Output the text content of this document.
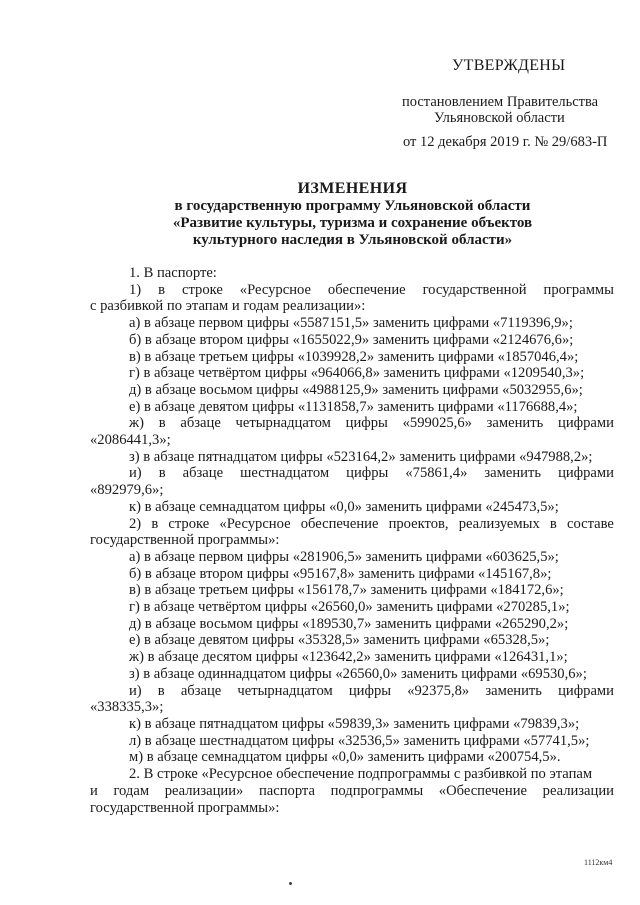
УТВЕРЖДЕНЫ
постановлением Правительства
Ульяновской области
от 12 декабря 2019 г. № 29/683-П
ИЗМЕНЕНИЯ
в государственную программу Ульяновской области
«Развитие культуры, туризма и сохранение объектов
культурного наследия в Ульяновской области»
1. В паспорте:
1) в строке «Ресурсное обеспечение государственной программы
с разбивкой по этапам и годам реализации»:
а) в абзаце первом цифры «5587151,5» заменить цифрами «7119396,9»;
б) в абзаце втором цифры «1655022,9» заменить цифрами «2124676,6»;
в) в абзаце третьем цифры «1039928,2» заменить цифрами «1857046,4»;
г) в абзаце четвёртом цифры «964066,8» заменить цифрами «1209540,3»;
д) в абзаце восьмом цифры «4988125,9» заменить цифрами «5032955,6»;
е) в абзаце девятом цифры «1131858,7» заменить цифрами «1176688,4»;
ж) в абзаце четырнадцатом цифры «599025,6» заменить цифрами
«2086441,3»;
з) в абзаце пятнадцатом цифры «523164,2» заменить цифрами «947988,2»;
и) в абзаце шестнадцатом цифры «75861,4» заменить цифрами
«892979,6»;
к) в абзаце семнадцатом цифры «0,0» заменить цифрами «245473,5»;
2) в строке «Ресурсное обеспечение проектов, реализуемых в составе
государственной программы»:
а) в абзаце первом цифры «281906,5» заменить цифрами «603625,5»;
б) в абзаце втором цифры «95167,8» заменить цифрами «145167,8»;
в) в абзаце третьем цифры «156178,7» заменить цифрами «184172,6»;
г) в абзаце четвёртом цифры «26560,0» заменить цифрами «270285,1»;
д) в абзаце восьмом цифры «189530,7» заменить цифрами «265290,2»;
е) в абзаце девятом цифры «35328,5» заменить цифрами «65328,5»;
ж) в абзаце десятом цифры «123642,2» заменить цифрами «126431,1»;
з) в абзаце одиннадцатом цифры «26560,0» заменить цифрами «69530,6»;
и) в абзаце четырнадцатом цифры «92375,8» заменить цифрами
«338335,3»;
к) в абзаце пятнадцатом цифры «59839,3» заменить цифрами «79839,3»;
л) в абзаце шестнадцатом цифры «32536,5» заменить цифрами «57741,5»;
м) в абзаце семнадцатом цифры «0,0» заменить цифрами «200754,5».
2. В строке «Ресурсное обеспечение подпрограммы с разбивкой по этапам
и годам реализации» паспорта подпрограммы «Обеспечение реализации
государственной программы»:
1112км4
